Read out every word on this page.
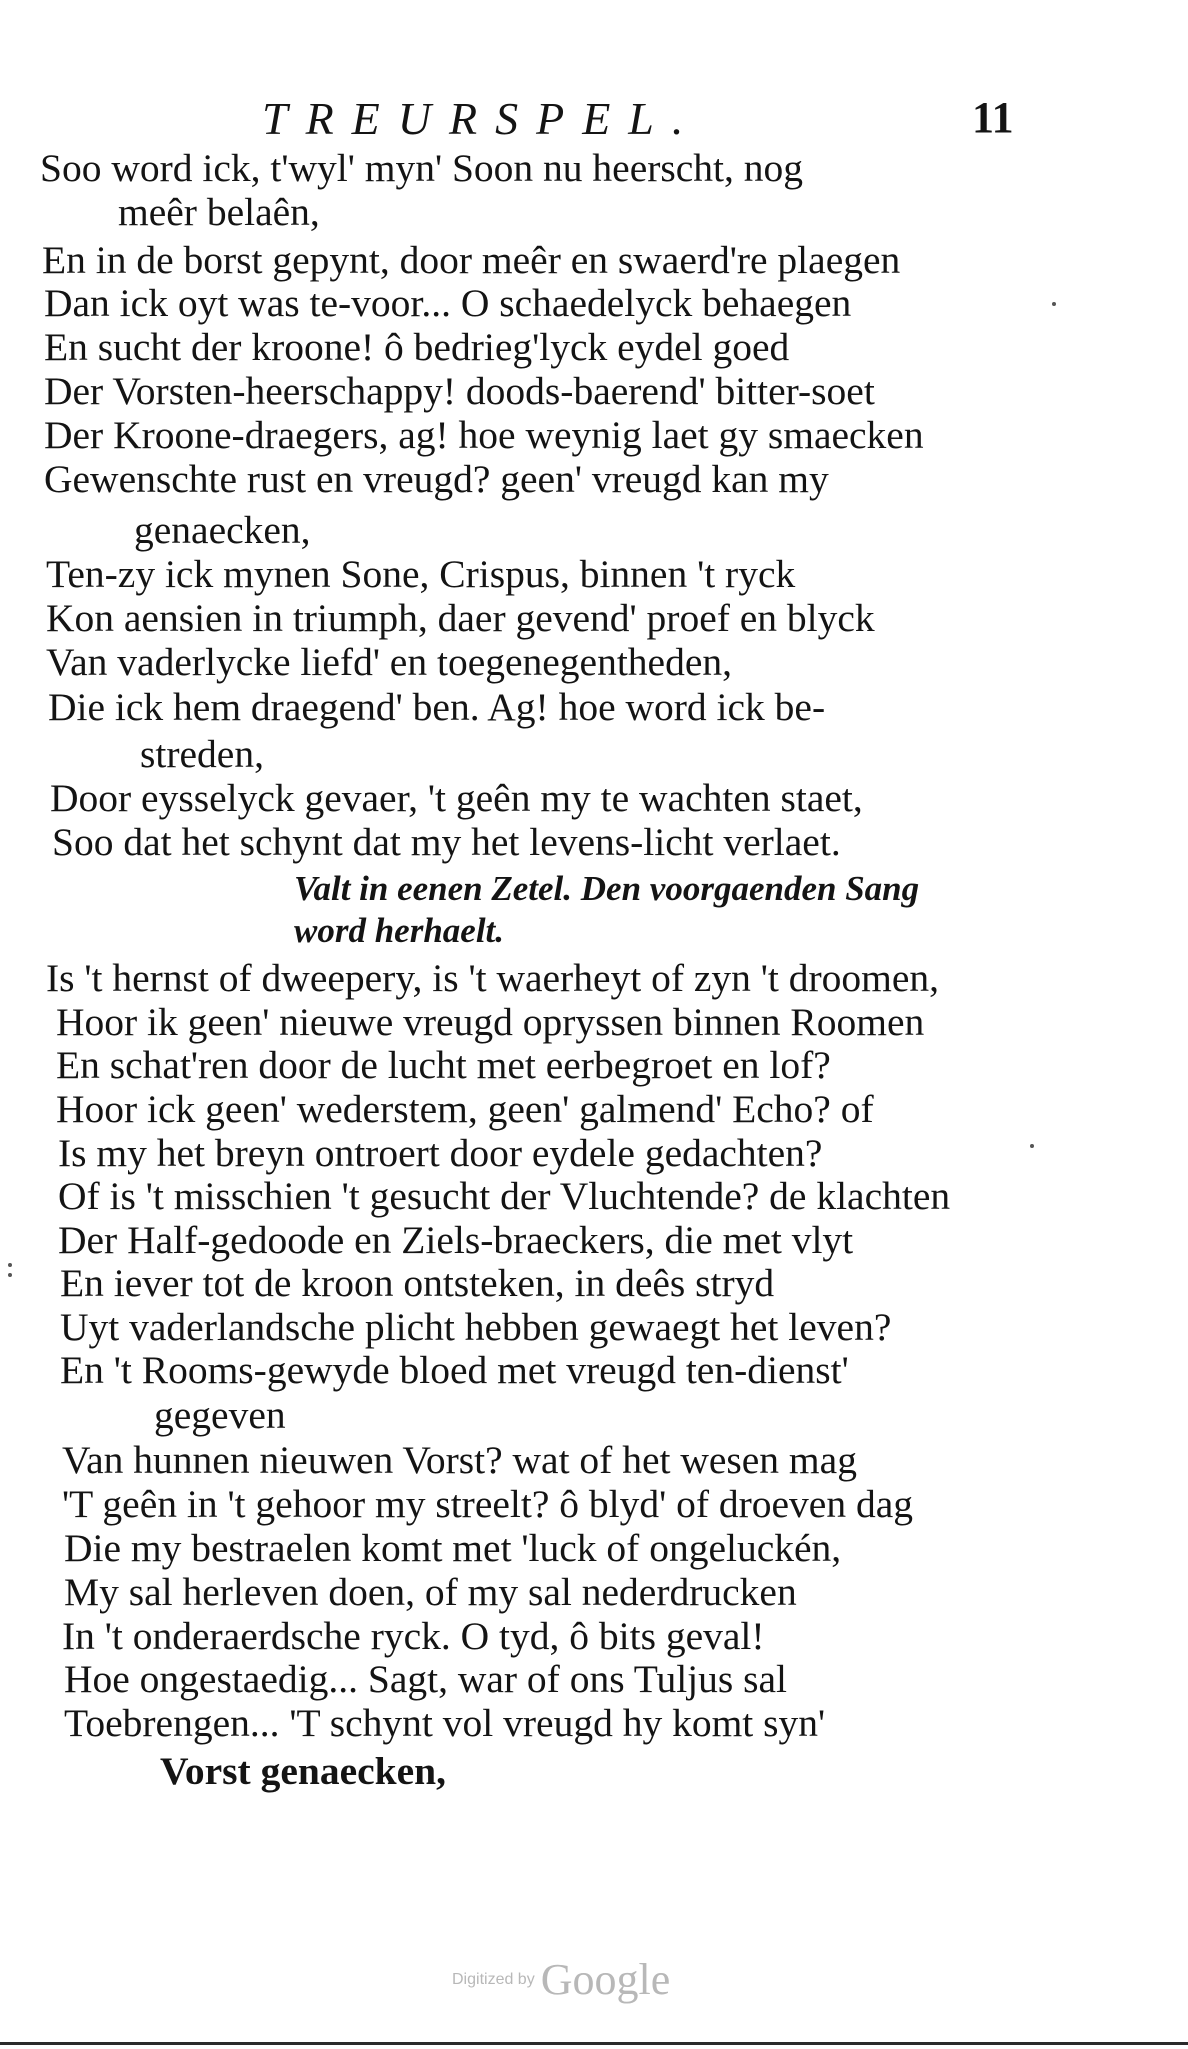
TREURSPEL.	11
Soo word ick, t'wyl' myn' Soon nu heerscht, nog
meêr belaên,
En in de borst gepynt, door meêr en swaerd're plaegen
Dan ick oyt was te-voor... O schaedelyck behaegen
En sucht der kroone! ô bedrieg'lyck eydel goed
Der Vorsten-heerschappy! doods-baerend' bitter-soet
Der Kroone-draegers, ag! hoe weynig laet gy smaecken
Gewenschte rust en vreugd? geen' vreugd kan my
genaecken,
Ten-zy ick mynen Sone, Crispus, binnen 't ryck
Kon aensien in triumph, daer gevend' proef en blyck
Van vaderlycke liefd' en toegenegentheden,
Die ick hem draegend' ben. Ag! hoe word ick be-
streden,
Door eysselyck gevaer, 't geên my te wachten staet,
Soo dat het schynt dat my het levens-licht verlaet.
Valt in eenen Zetel. Den voorgaenden Sang
word herhaelt.
Is 't hernst of dweepery, is 't waerheyt of zyn 't droomen,
Hoor ik geen' nieuwe vreugd opryssen binnen Roomen
En schat'ren door de lucht met eerbegroet en lof?
Hoor ick geen' wederstem, geen' galmend' Echo? of
Is my het breyn ontroert door eydele gedachten?
Of is 't misschien 't gesucht der Vluchtende? de klachten
Der Half-gedoode en Ziels-braeckers, die met vlyt
En iever tot de kroon ontsteken, in deês stryd
Uyt vaderlandsche plicht hebben gewaegt het leven?
En 't Rooms-gewyde bloed met vreugd ten-dienst'
gegeven
Van hunnen nieuwen Vorst? wat of het wesen mag
'T geên in 't gehoor my streelt? ô blyd' of droeven dag
Die my bestraelen komt met 'luck of ongeluckén,
My sal herleven doen, of my sal nederdrucken
In 't onderaerdsche ryck. O tyd, ô bits geval!
Hoe ongestaedig... Sagt, war of ons Tuljus sal
Toebrengen... 'T schynt vol vreugd hy komt syn'
Vorst genaecken,
Digitized by Google
